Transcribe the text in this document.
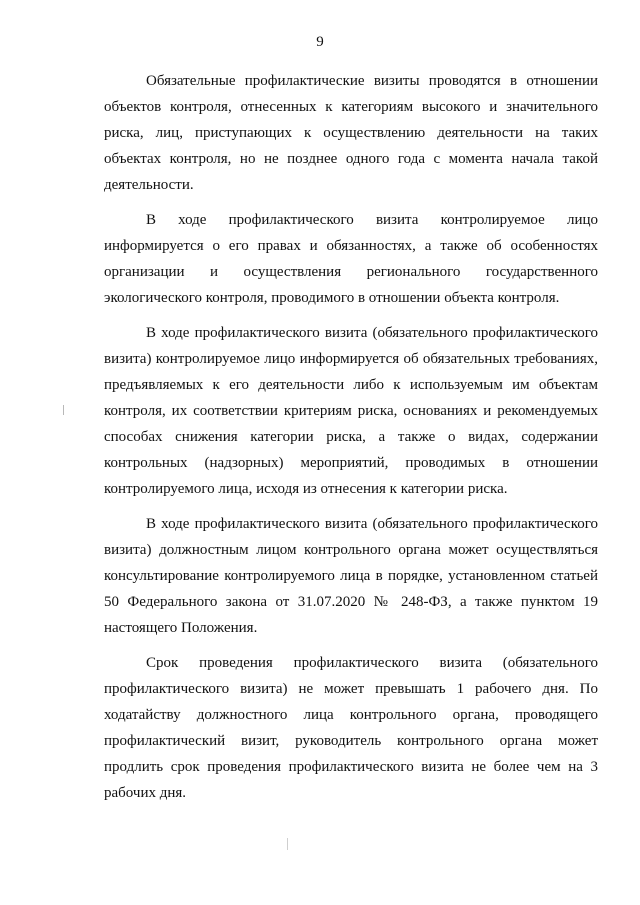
9

Обязательные профилактические визиты проводятся в отношении объектов контроля, отнесенных к категориям высокого и значительного риска, лиц, приступающих к осуществлению деятельности на таких объектах контроля, но не позднее одного года с момента начала такой деятельности.

В ходе профилактического визита контролируемое лицо информируется о его правах и обязанностях, а также об особенностях организации и осуществления регионального государственного экологического контроля, проводимого в отношении объекта контроля.

В ходе профилактического визита (обязательного профилактического визита) контролируемое лицо информируется об обязательных требованиях, предъявляемых к его деятельности либо к используемым им объектам контроля, их соответствии критериям риска, основаниях и рекомендуемых способах снижения категории риска, а также о видах, содержании контрольных (надзорных) мероприятий, проводимых в отношении контролируемого лица, исходя из отнесения к категории риска.

В ходе профилактического визита (обязательного профилактического визита) должностным лицом контрольного органа может осуществляться консультирование контролируемого лица в порядке, установленном статьей 50 Федерального закона от 31.07.2020 № 248-ФЗ, а также пунктом 19 настоящего Положения.

Срок проведения профилактического визита (обязательного профилактического визита) не может превышать 1 рабочего дня. По ходатайству должностного лица контрольного органа, проводящего профилактический визит, руководитель контрольного органа может продлить срок проведения профилактического визита не более чем на 3 рабочих дня.
